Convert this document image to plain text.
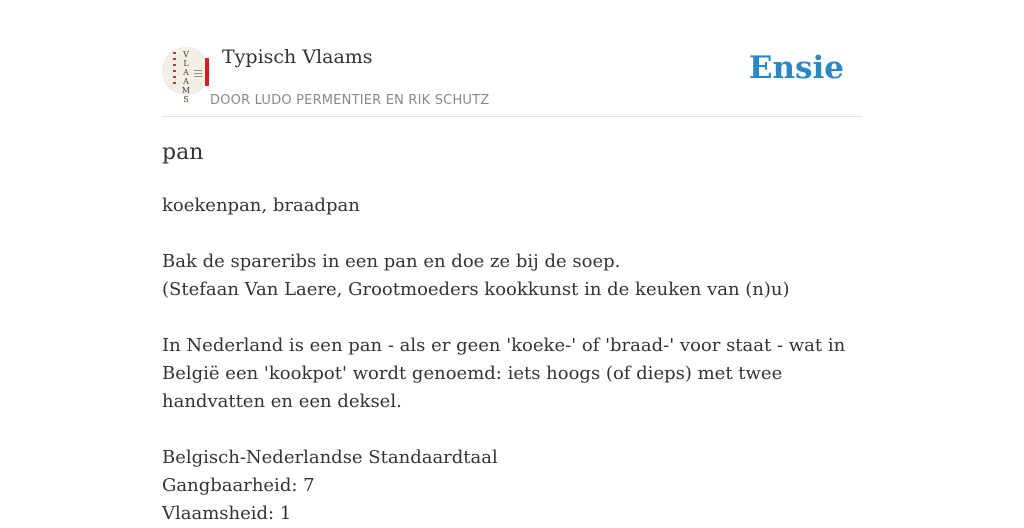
V
L
A
A
M
S
Typisch Vlaams
DOOR LUDO PERMENTIER EN RIK SCHUTZ
Ensie
pan

koekenpan, braadpan

Bak de spareribs in een pan en doe ze bij de soep.

(Stefaan Van Laere, Grootmoeders kookkunst in de keuken van (n)u)

In Nederland is een pan - als er geen 'koeke-' of 'braad-' voor staat - wat in België een 'kookpot' wordt genoemd: iets hoogs (of dieps) met twee handvatten en een deksel.

Belgisch-Nederlandse Standaardtaal

Gangbaarheid: 7

Vlaamsheid: 1
